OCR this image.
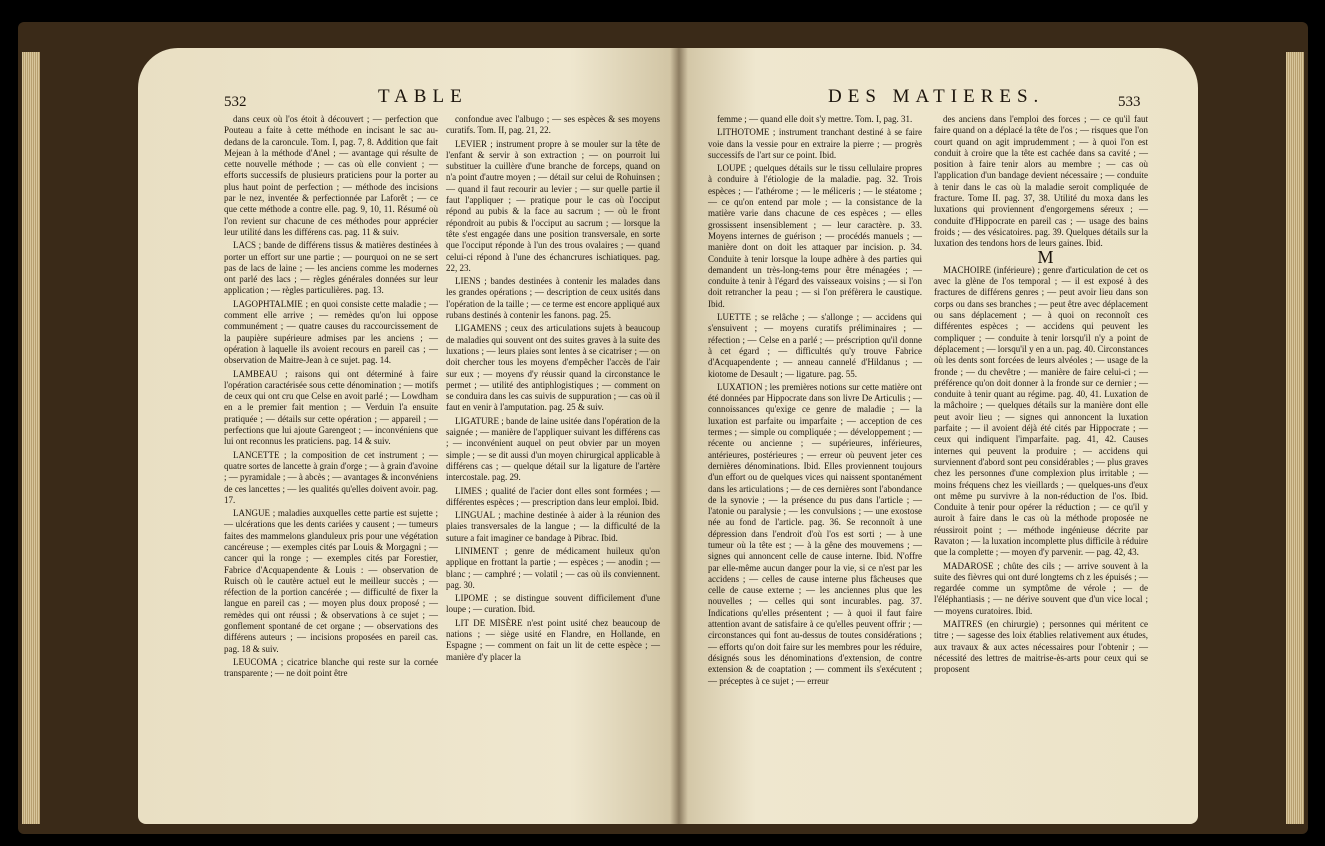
532	TABLE

dans ceux où l'os étoit à découvert ; — perfection que Pouteau a faite à cette méthode en incisant le sac au-dedans de la caroncule. Tom. I, pag. 7, 8. Addition que fait Mejean à la méthode d'Anel ; — avantage qui résulte de cette nouvelle méthode ; — cas où elle convient ; — efforts successifs de plusieurs praticiens pour la porter au plus haut point de perfection ; — méthode des incisions par le nez, inventée & perfectionnée par Laforêt ; — ce que cette méthode a contre elle. pag. 9, 10, 11. Résumé où l'on revient sur chacune de ces méthodes pour apprécier leur utilité dans les différens cas. pag. 11 & suiv.

LACS ; bande de différens tissus & matières destinées à porter un effort sur une partie ; — pourquoi on ne se sert pas de lacs de laine ; — les anciens comme les modernes ont parlé des lacs ; — règles générales données sur leur application ; — règles particulières. pag. 13.

LAGOPHTALMIE ; en quoi consiste cette maladie ; — comment elle arrive ; — remèdes qu'on lui oppose communément ; — quatre causes du raccourcissement de la paupière supérieure admises par les anciens ; — opération à laquelle ils avoient recours en pareil cas ; — observation de Maitre-Jean à ce sujet. pag. 14.

LAMBEAU ; raisons qui ont déterminé à faire l'opération caractérisée sous cette dénomination ; — motifs de ceux qui ont cru que Celse en avoit parlé ; — Lowdham en a le premier fait mention ; — Verduin l'a ensuite pratiquée ; — détails sur cette opération ; — appareil ; — perfections que lui ajoute Garengeot ; — inconvéniens que lui ont reconnus les praticiens. pag. 14 & suiv.

LANCETTE ; la composition de cet instrument ; — quatre sortes de lancette à grain d'orge ; — à grain d'avoine ; — pyramidale ; — à abcès ; — avantages & inconvéniens de ces lancettes ; — les qualités qu'elles doivent avoir. pag. 17.

LANGUE ; maladies auxquelles cette partie est sujette ; — ulcérations que les dents cariées y causent ; — tumeurs faites des mammelons glanduleux pris pour une végétation cancéreuse ; — exemples cités par Louis & Morgagni ; — cancer qui la ronge ; — exemples cités par Forestier, Fabrice d'Acquapendente & Louis : — observation de Ruisch où le cautère actuel eut le meilleur succès ; — réfection de la portion cancérée ; — difficulté de fixer la langue en pareil cas ; — moyen plus doux proposé ; — remèdes qui ont réussi ; & observations à ce sujet ; — gonflement spontané de cet organe ; — observations des différens auteurs ; — incisions proposées en pareil cas. pag. 18 & suiv.

LEUCOMA ; cicatrice blanche qui reste sur la cornée transparente ; — ne doit point être

confondue avec l'albugo ; — ses espèces & ses moyens curatifs. Tom. II, pag. 21, 22.

LEVIER ; instrument propre à se mouler sur la tête de l'enfant & servir à son extraction ; — on pourroit lui substituer la cuillère d'une branche de forceps, quand on n'a point d'autre moyen ; — détail sur celui de Rohuinsen ; — quand il faut recourir au levier ; — sur quelle partie il faut l'appliquer ; — pratique pour le cas où l'occiput répond au pubis & la face au sacrum ; — où le front répondroit au pubis & l'occiput au sacrum ; — lorsque la tête s'est engagée dans une position transversale, en sorte que l'occiput réponde à l'un des trous ovalaires ; — quand celui-ci répond à l'une des échancrures ischiatiques. pag. 22, 23.

LIENS ; bandes destinées à contenir les malades dans les grandes opérations ; — description de ceux usités dans l'opération de la taille ; — ce terme est encore appliqué aux rubans destinés à contenir les fanons. pag. 25.

LIGAMENS ; ceux des articulations sujets à beaucoup de maladies qui souvent ont des suites graves à la suite des luxations ; — leurs plaies sont lentes à se cicatriser ; — on doit chercher tous les moyens d'empêcher l'accès de l'air sur eux ; — moyens d'y réussir quand la circonstance le permet ; — utilité des antiphlogistiques ; — comment on se conduira dans les cas suivis de suppuration ; — cas où il faut en venir à l'amputation. pag. 25 & suiv.

LIGATURE ; bande de laine usitée dans l'opération de la saignée ; — manière de l'appliquer suivant les différens cas ; — inconvénient auquel on peut obvier par un moyen simple ; — se dit aussi d'un moyen chirurgical applicable à différens cas ; — quelque détail sur la ligature de l'artère intercostale. pag. 29.

LIMES ; qualité de l'acier dont elles sont formées ; — différentes espèces ; — prescription dans leur emploi. Ibid.

LINGUAL ; machine destinée à aider à la réunion des plaies transversales de la langue ; — la difficulté de la suture a fait imaginer ce bandage à Pibrac. Ibid.

LINIMENT ; genre de médicament huileux qu'on applique en frottant la partie ; — espèces ; — anodin ; — blanc ; — camphré ; — volatil ; — cas où ils conviennent. pag. 30.

LIPOME ; se distingue souvent difficilement d'une loupe ; — curation. Ibid.

LIT DE MISÈRE n'est point usité chez beaucoup de nations ; — siège usité en Flandre, en Hollande, en Espagne ; — comment on fait un lit de cette espèce ; — manière d'y placer la

DES MATIERES.	533

femme ; — quand elle doit s'y mettre. Tom. I, pag. 31.

LITHOTOME ; instrument tranchant destiné à se faire voie dans la vessie pour en extraire la pierre ; — progrès successifs de l'art sur ce point. Ibid.

LOUPE ; quelques détails sur le tissu cellulaire propres à conduire à l'étiologie de la maladie. pag. 32. Trois espèces ; — l'athérome ; — le méliceris ; — le stéatome ; — ce qu'on entend par mole ; — la consistance de la matière varie dans chacune de ces espèces ; — elles grossissent insensiblement ; — leur caractère. p. 33. Moyens internes de guérison ; — procédés manuels ; — manière dont on doit les attaquer par incision. p. 34. Conduite à tenir lorsque la loupe adhère à des parties qui demandent un très-long-tems pour être ménagées ; — conduite à tenir à l'égard des vaisseaux voisins ; — si l'on doit retrancher la peau ; — si l'on préfèrera le caustique. Ibid.

LUETTE ; se relâche ; — s'allonge ; — accidens qui s'ensuivent ; — moyens curatifs préliminaires ; — réfection ; — Celse en a parlé ; — préscription qu'il donne à cet égard ; — difficultés qu'y trouve Fabrice d'Acquapendente ; — anneau cannelé d'Hildanus ; — kiotome de Desault ; — ligature. pag. 55.

LUXATION ; les premières notions sur cette matière ont été données par Hippocrate dans son livre De Articulis ; — connoissances qu'exige ce genre de maladie ; — la luxation est parfaite ou imparfaite ; — acception de ces termes ; — simple ou compliquée ; — développement ; — récente ou ancienne ; — supérieures, inférieures, antérieures, postérieures ; — erreur où peuvent jeter ces dernières dénominations. Ibid. Elles proviennent toujours d'un effort ou de quelques vices qui naissent spontanément dans les articulations ; — de ces dernières sont l'abondance de la synovie ; — la présence du pus dans l'article ; — l'atonie ou paralysie ; — les convulsions ; — une exostose née au fond de l'article. pag. 36. Se reconnoît à une dépression dans l'endroit d'où l'os est sorti ; — à une tumeur où la tête est ; — à la gêne des mouvemens ; — signes qui annoncent celle de cause interne. Ibid. N'offre par elle-même aucun danger pour la vie, si ce n'est par les accidens ; — celles de cause interne plus fâcheuses que celle de cause externe ; — les anciennes plus que les nouvelles ; — celles qui sont incurables. pag. 37. Indications qu'elles présentent ; — à quoi il faut faire attention avant de satisfaire à ce qu'elles peuvent offrir ; — circonstances qui font au-dessus de toutes considérations ; — efforts qu'on doit faire sur les membres pour les réduire, désignés sous les dénominations d'extension, de contre extension & de coaptation ; — comment ils s'exécutent ; — préceptes à ce sujet ; — erreur

des anciens dans l'emploi des forces ; — ce qu'il faut faire quand on a déplacé la tête de l'os ; — risques que l'on court quand on agit imprudemment ; — à quoi l'on est conduit à croire que la tête est cachée dans sa cavité ; — position à faire tenir alors au membre ; — cas où l'application d'un bandage devient nécessaire ; — conduite à tenir dans le cas où la maladie seroit compliquée de fracture. Tome II. pag. 37, 38. Utilité du moxa dans les luxations qui proviennent d'engorgemens séreux ; — conduite d'Hippocrate en pareil cas ; — usage des bains froids ; — des vésicatoires. pag. 39. Quelques détails sur la luxation des tendons hors de leurs gaines. Ibid.

M

MACHOIRE (inférieure) ; genre d'articulation de cet os avec la glène de l'os temporal ; — il est exposé à des fractures de différens genres ; — peut avoir lieu dans son corps ou dans ses branches ; — peut être avec déplacement ou sans déplacement ; — à quoi on reconnoît ces différentes espèces ; — accidens qui peuvent les compliquer ; — conduite à tenir lorsqu'il n'y a point de déplacement ; — lorsqu'il y en a un. pag. 40. Circonstances où les dents sont forcées de leurs alvéoles ; — usage de la fronde ; — du chevêtre ; — manière de faire celui-ci ; — préférence qu'on doit donner à la fronde sur ce dernier ; — conduite à tenir quant au régime. pag. 40, 41. Luxation de la mâchoire ; — quelques détails sur la manière dont elle peut avoir lieu ; — signes qui annoncent la luxation parfaite ; — il avoient déjà été cités par Hippocrate ; — ceux qui indiquent l'imparfaite. pag. 41, 42. Causes internes qui peuvent la produire ; — accidens qui surviennent d'abord sont peu considérables ; — plus graves chez les personnes d'une complexion plus irritable ; — moins fréquens chez les vieillards ; — quelques-uns d'eux ont même pu survivre à la non-réduction de l'os. Ibid. Conduite à tenir pour opérer la réduction ; — ce qu'il y auroit à faire dans le cas où la méthode proposée ne réussiroit point ; — méthode ingénieuse décrite par Ravaton ; — la luxation incomplette plus difficile à réduire que la complette ; — moyen d'y parvenir. — pag. 42, 43.

MADAROSE ; chûte des cils ; — arrive souvent à la suite des fièvres qui ont duré longtems ch z les épuisés ; — regardée comme un symptôme de vérole ; — de l'éléphantiasis ; — ne dérive souvent que d'un vice local ; — moyens curatoires. Ibid.

MAITRES (en chirurgie) ; personnes qui méritent ce titre ; — sagesse des loix établies relativement aux études, aux travaux & aux actes nécessaires pour l'obtenir ; — nécessité des lettres de maitrise-ès-arts pour ceux qui se proposent
